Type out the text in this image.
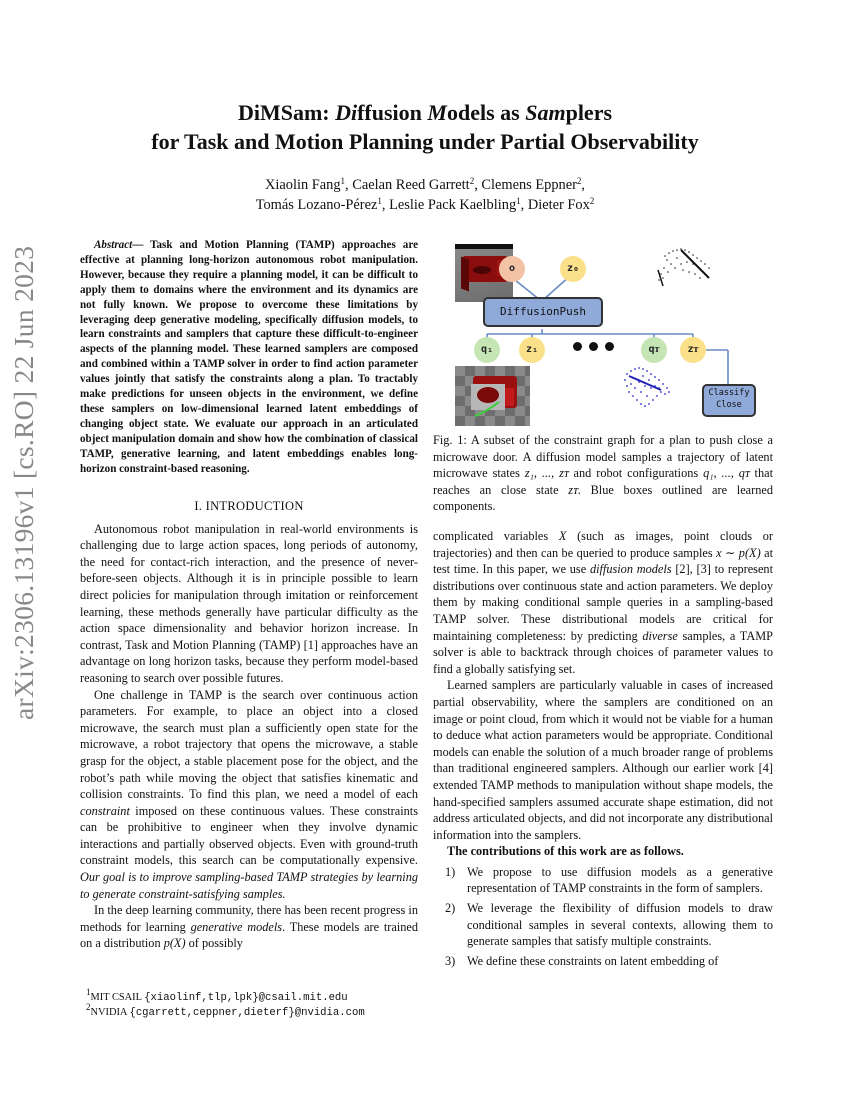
arXiv:2306.13196v1 [cs.RO] 22 Jun 2023
DiMSam: Diffusion Models as Samplers
for Task and Motion Planning under Partial Observability
Xiaolin Fang$^1$, Caelan Reed Garrett$^2$, Clemens Eppner$^2$,
Tomás Lozano-Pérez$^1$, Leslie Pack Kaelbling$^1$, Dieter Fox$^2$

Abstract— Task and Motion Planning (TAMP) approaches are effective at planning long-horizon autonomous robot manipulation. However, because they require a planning model, it can be difficult to apply them to domains where the environment and its dynamics are not fully known. We propose to overcome these limitations by leveraging deep generative modeling, specifically diffusion models, to learn constraints and samplers that capture these difficult-to-engineer aspects of the planning model. These learned samplers are composed and combined within a TAMP solver in order to find action parameter values jointly that satisfy the constraints along a plan. To tractably make predictions for unseen objects in the environment, we define these samplers on low-dimensional learned latent embeddings of changing object state. We evaluate our approach in an articulated object manipulation domain and show how the combination of classical TAMP, generative learning, and latent embeddings enables long-horizon constraint-based reasoning.

o	z₀
DiffusionPush
q₁	z₁	qᴛ	zᴛ
Classify
Close
Fig. 1: A subset of the constraint graph for a plan to push close a microwave door. A diffusion model samples a trajectory of latent microwave states z₁, ..., zᴛ and robot configurations q₁, ..., qᴛ that reaches an close state zᴛ. Blue boxes outlined are learned components.
I. INTRODUCTION

Autonomous robot manipulation in real-world environments is challenging due to large action spaces, long periods of autonomy, the need for contact-rich interaction, and the presence of never-before-seen objects. Although it is in principle possible to learn direct policies for manipulation through imitation or reinforcement learning, these methods generally have particular difficulty as the action space dimensionality and behavior horizon increase. In contrast, Task and Motion Planning (TAMP) [1] approaches have an advantage on long horizon tasks, because they perform model-based reasoning to search over possible futures.

One challenge in TAMP is the search over continuous action parameters. For example, to place an object into a closed microwave, the search must plan a sufficiently open state for the microwave, a robot trajectory that opens the microwave, a stable grasp for the object, a stable placement pose for the object, and the robot’s path while moving the object that satisfies kinematic and collision constraints. To find this plan, we need a model of each constraint imposed on these continuous values. These constraints can be prohibitive to engineer when they involve dynamic interactions and partially observed objects. Even with ground-truth constraint models, this search can be computationally expensive. Our goal is to improve sampling-based TAMP strategies by learning to generate constraint-satisfying samples.

In the deep learning community, there has been recent progress in methods for learning generative models. These models are trained on a distribution p(X) of possibly

$^1$MIT CSAIL {xiaolinf,tlp,lpk}@csail.mit.edu
$^2$NVIDIA {cgarrett,ceppner,dieterf}@nvidia.com

complicated variables X (such as images, point clouds or trajectories) and then can be queried to produce samples x ∼ p(X) at test time. In this paper, we use diffusion models [2], [3] to represent distributions over continuous state and action parameters. We deploy them by making conditional sample queries in a sampling-based TAMP solver. These distributional models are critical for maintaining completeness: by predicting diverse samples, a TAMP solver is able to backtrack through choices of parameter values to find a globally satisfying set.

Learned samplers are particularly valuable in cases of increased partial observability, where the samplers are conditioned on an image or point cloud, from which it would not be viable for a human to deduce what action parameters would be appropriate. Conditional models can enable the solution of a much broader range of problems than traditional engineered samplers. Although our earlier work [4] extended TAMP methods to manipulation without shape models, the hand-specified samplers assumed accurate shape estimation, did not address articulated objects, and did not incorporate any distributional information into the samplers.

The contributions of this work are as follows.

1) We propose to use diffusion models as a generative representation of TAMP constraints in the form of samplers.
2) We leverage the flexibility of diffusion models to draw conditional samples in several contexts, allowing them to generate samples that satisfy multiple constraints.
3) We define these constraints on latent embedding of
